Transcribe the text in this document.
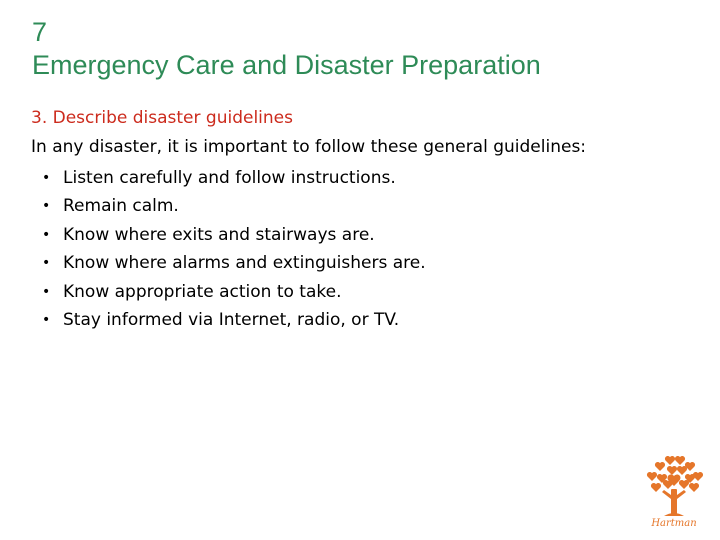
7
Emergency Care and Disaster Preparation
3. Describe disaster guidelines
In any disaster, it is important to follow these general guidelines:
• Listen carefully and follow instructions.
• Remain calm.
• Know where exits and stairways are.
• Know where alarms and extinguishers are.
• Know appropriate action to take.
• Stay informed via Internet, radio, or TV.
Hartman
